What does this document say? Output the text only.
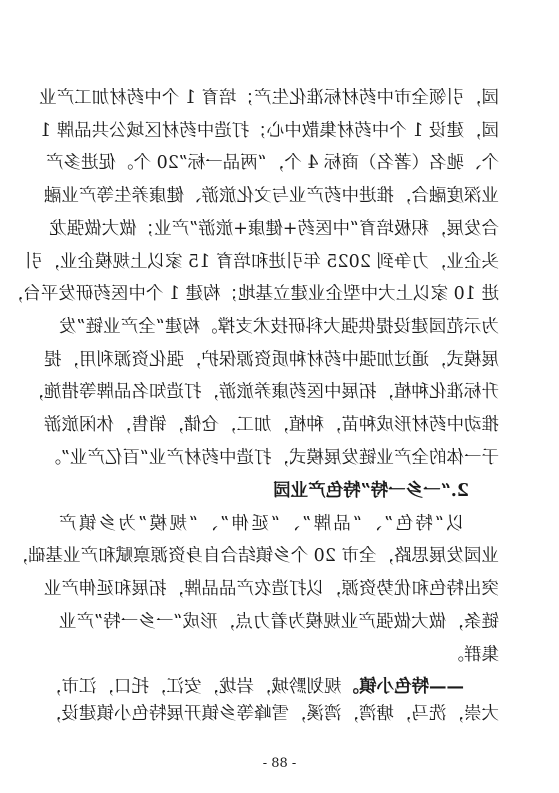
园，引领全市中药材标准化生产；培育 1 个中药材加工产业
园，建设 1 个中药材集散中心；打造中药材区域公共品牌 1
个、驰名（著名）商标 4 个，“两品一标”20 个。促进多产
业深度融合，推进中药产业与文化旅游、健康养生等产业融
合发展，积极培育“中医药+健康+旅游”产业；做大做强龙
头企业，力争到 2025 年引进和培育 15 家以上规模企业，引
进 10 家以上大中型企业建立基地；构建 1 个中医药研发平台，
为示范园建设提供强大科研技术支撑。构建“全产业链”发
展模式，通过加强中药材种质资源保护，强化资源利用，提
升标准化种植，拓展中医药康养旅游，打造知名品牌等措施，
推动中药材形成种苗，种植，加工，仓储，销售，休闲旅游
于一体的全产业链发展模式，打造中药材产业“百亿产业”。
2.“一乡一特”特色产业园
以“特色”、“品牌”、“延伸”、“规模”为乡镇产
业园发展思路，全市 20 个乡镇结合自身资源禀赋和产业基础，
突出特色和优势资源，以打造农产品品牌，拓展和延伸产业
链条，做大做强产业规模为着力点，形成“一乡一特”产业
集群。
——特色小镇。规划黔城，岩垅，安江，托口，江市，
大崇，洗马，塘湾，湾溪，雪峰等乡镇开展特色小镇建设，
- 88 -
